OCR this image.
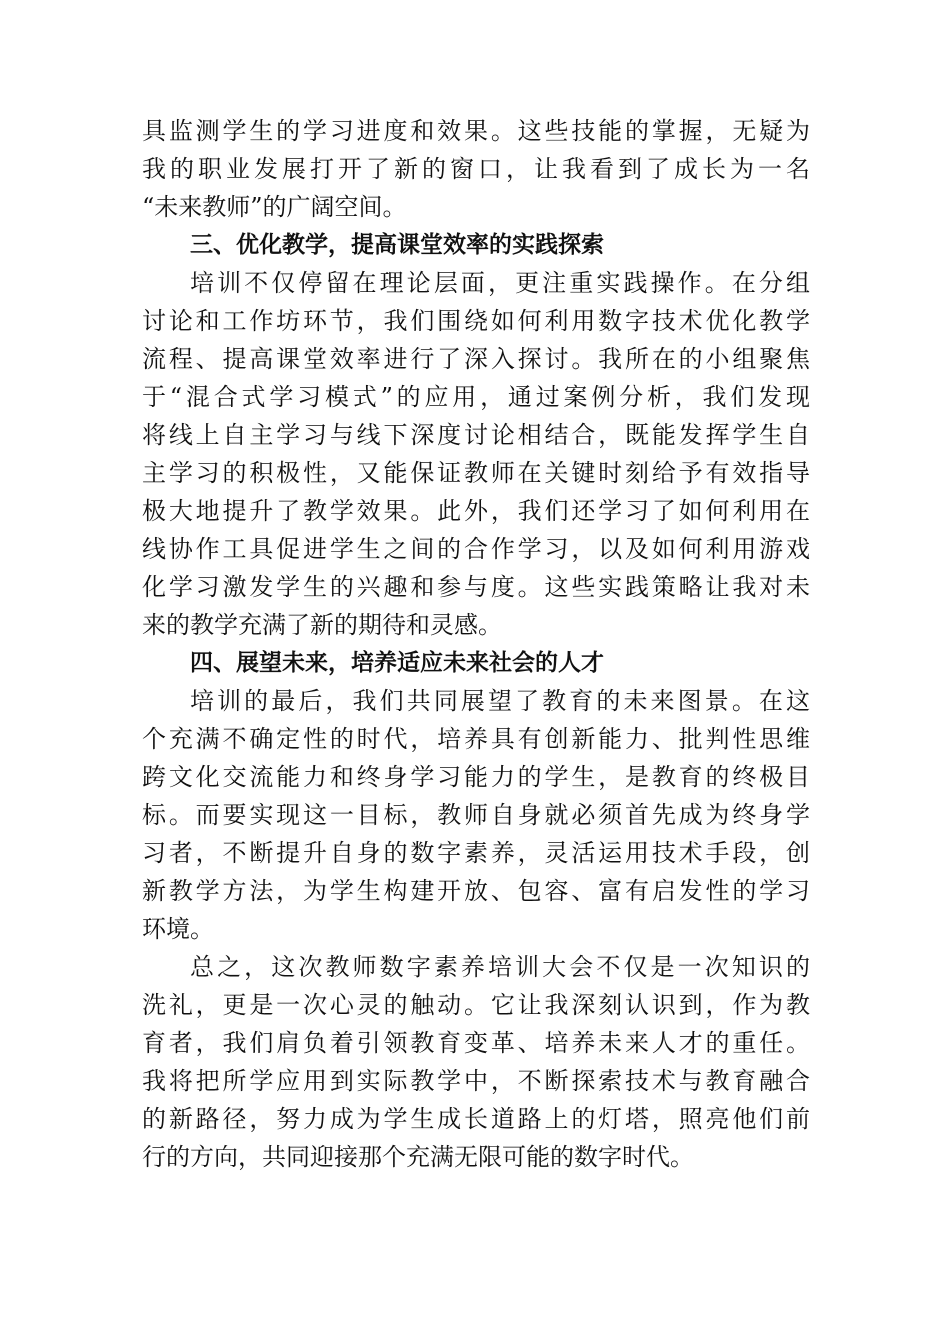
具监测学生的学习进度和效果。这些技能的掌握，无疑为
我的职业发展打开了新的窗口，让我看到了成长为一名
“未来教师”的广阔空间。
三、优化教学，提高课堂效率的实践探索
培训不仅停留在理论层面，更注重实践操作。在分组
讨论和工作坊环节，我们围绕如何利用数字技术优化教学
流程、提高课堂效率进行了深入探讨。我所在的小组聚焦
于“混合式学习模式”的应用，通过案例分析，我们发现
将线上自主学习与线下深度讨论相结合，既能发挥学生自
主学习的积极性，又能保证教师在关键时刻给予有效指导
极大地提升了教学效果。此外，我们还学习了如何利用在
线协作工具促进学生之间的合作学习，以及如何利用游戏
化学习激发学生的兴趣和参与度。这些实践策略让我对未
来的教学充满了新的期待和灵感。
四、展望未来，培养适应未来社会的人才
培训的最后，我们共同展望了教育的未来图景。在这
个充满不确定性的时代，培养具有创新能力、批判性思维
跨文化交流能力和终身学习能力的学生，是教育的终极目
标。而要实现这一目标，教师自身就必须首先成为终身学
习者，不断提升自身的数字素养，灵活运用技术手段，创
新教学方法，为学生构建开放、包容、富有启发性的学习
环境。
总之，这次教师数字素养培训大会不仅是一次知识的
洗礼，更是一次心灵的触动。它让我深刻认识到，作为教
育者，我们肩负着引领教育变革、培养未来人才的重任。
我将把所学应用到实际教学中，不断探索技术与教育融合
的新路径，努力成为学生成长道路上的灯塔，照亮他们前
行的方向，共同迎接那个充满无限可能的数字时代。
